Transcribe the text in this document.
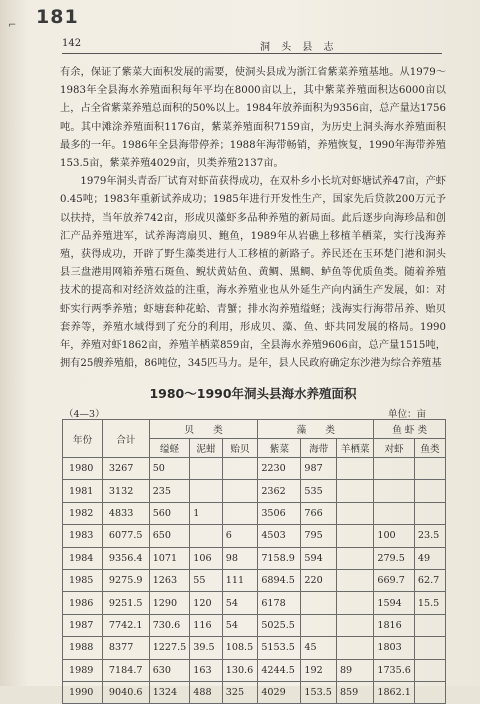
⌐ 181
142	洞 头 县 志

有余，保证了紫菜大面积发展的需要，使洞头县成为浙江省紫菜养殖基地。从1979～1983年全县海水养殖面积每年平均在8000亩以上，其中紫菜养殖面积达6000亩以上，占全省紫菜养殖总面积的50%以上。1984年放养面积为9356亩，总产量达1756吨。其中滩涂养殖面积1176亩，紫菜养殖面积7159亩，为历史上洞头海水养殖面积最多的一年。1986年全县海带停养；1988年海带畅销，养殖恢复，1990年海带养殖153.5亩，紫菜养殖4029亩，贝类养殖2137亩。

1979年洞头青岙厂试育对虾苗获得成功，在双朴乡小长坑对虾塘试养47亩，产虾0.45吨；1983年重新试养成功；1985年进行开发性生产，国家先后贷款200万元予以扶持，当年放养742亩，形成贝藻虾多品种养殖的新局面。此后逐步向海珍品和创汇产品养殖进军，试养海湾扇贝、鲍鱼，1989年从岩礁上移植羊栖菜，实行浅海养殖，获得成功，开辟了野生藻类进行人工移植的新路子。养民还在玉环楚门港和洞头县三盘港用网箱养殖石斑鱼、鲵状黄姑鱼、黄鲷、黑鲷、鲈鱼等优质鱼类。随着养殖技术的提高和对经济效益的注重，海水养殖业也从外延生产向内涵生产发展，如：对虾实行两季养殖；虾塘套种花蛤、青蟹；排水沟养殖缢蛏；浅海实行海带吊养、贻贝套养等，养殖水域得到了充分的利用，形成贝、藻、鱼、虾共同发展的格局。1990年，养殖对虾1862亩，养殖羊栖菜859亩，全县海水养殖9606亩，总产量1515吨，拥有25艘养殖船，86吨位，345匹马力。是年，县人民政府确定东沙港为综合养殖基

1980～1990年洞头县海水养殖面积
（4—3）	单位：亩
年份	合计	贝　　类			藻　　类			鱼 虾 类	
		缢蛏	泥蚶	贻贝	紫菜	海带	羊栖菜	对虾	鱼类
1980	3267	50			2230	987			
1981	3132	235			2362	535			
1982	4833	560	1		3506	766			
1983	6077.5	650		6	4503	795		100	23.5
1984	9356.4	1071	106	98	7158.9	594		279.5	49
1985	9275.9	1263	55	111	6894.5	220		669.7	62.7
1986	9251.5	1290	120	54	6178			1594	15.5
1987	7742.1	730.6	116	54	5025.5			1816	
1988	8377	1227.5	39.5	108.5	5153.5	45		1803	
1989	7184.7	630	163	130.6	4244.5	192	89	1735.6	
1990	9040.6	1324	488	325	4029	153.5	859	1862.1	
